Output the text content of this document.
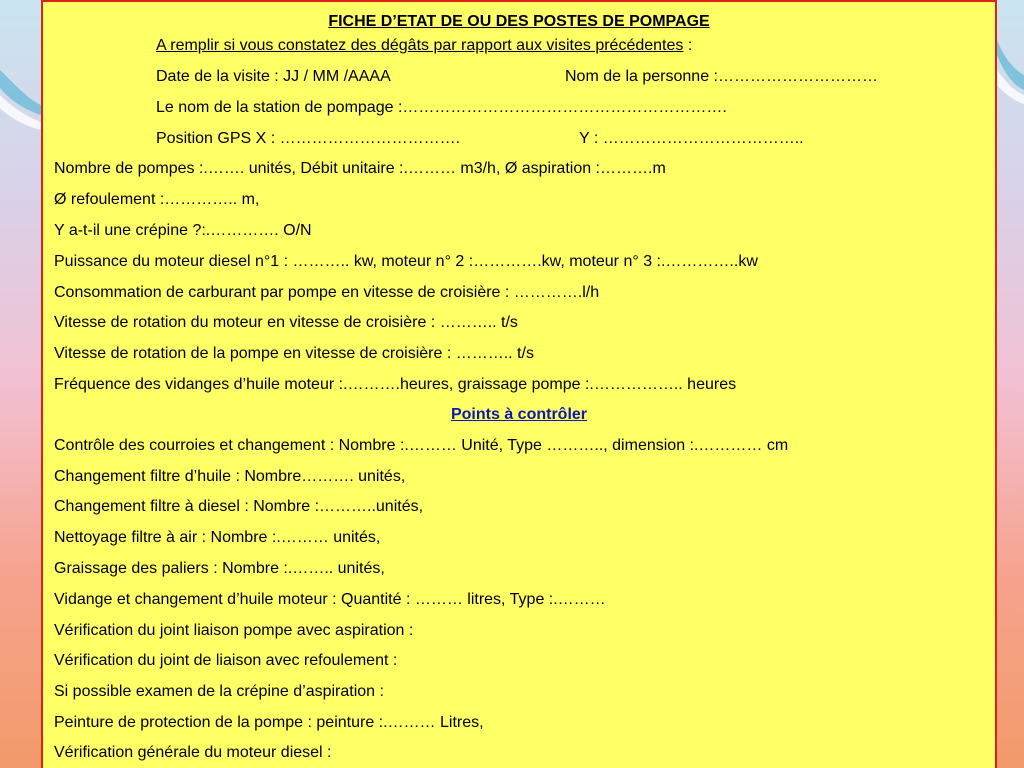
FICHE D’ETAT DE OU DES POSTES DE POMPAGE
A remplir si vous constatez des dégâts par rapport aux visites précédentes :
Date de la visite : JJ / MM /AAAA	Nom de la personne :…………………………
Le nom de la station de pompage :…………………………………………………….
Position GPS X : …………………………….	Y : ………………………………..
Nombre de pompes :.……. unités, Débit unitaire :.……… m3/h, Ø aspiration :……….m
Ø refoulement :………….. m,
Y a-t-il une crépine ?:.…………. O/N
Puissance du moteur diesel n°1 : ……….. kw, moteur n° 2 :………….kw, moteur n° 3 :.…………..kw
Consommation de carburant par pompe en vitesse de croisière : ………….l/h
Vitesse de rotation du moteur en vitesse de croisière : ……….. t/s
Vitesse de rotation de la pompe en vitesse de croisière : ……….. t/s
Fréquence des vidanges d’huile moteur :.……….heures, graissage pompe :.…………….. heures
Points à contrôler
Contrôle des courroies et changement : Nombre :.……… Unité, Type ……….., dimension :.………… cm
Changement filtre d’huile : Nombre………. unités,
Changement filtre à diesel : Nombre :………..unités,
Nettoyage filtre à air : Nombre :.……… unités,
Graissage des paliers : Nombre :.…….. unités,
Vidange et changement d’huile moteur : Quantité : ……… litres, Type :.………
Vérification du joint liaison pompe avec aspiration :
Vérification du joint de liaison avec refoulement :
Si possible examen de la crépine d’aspiration :
Peinture de protection de la pompe : peinture :.……… Litres,
Vérification générale du moteur diesel :
